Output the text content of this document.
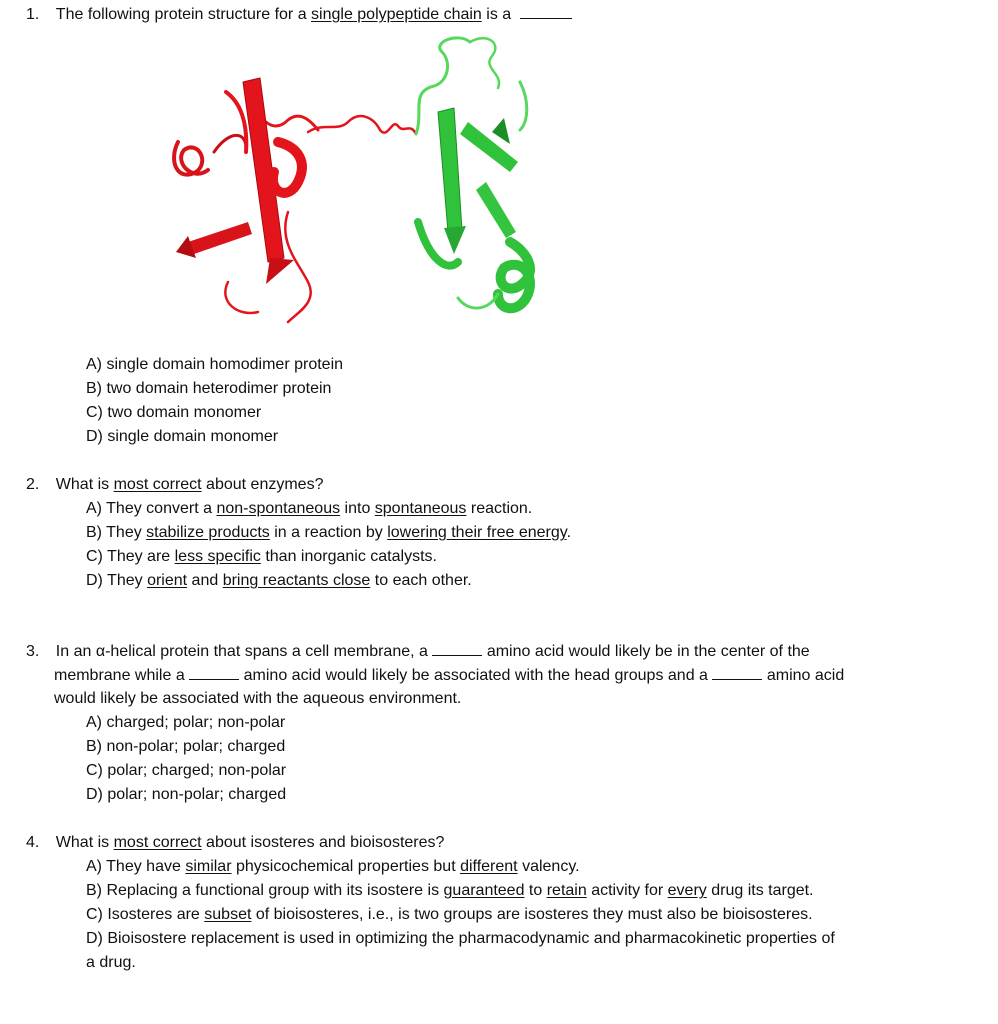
1. The following protein structure for a single polypeptide chain is a
A) single domain homodimer protein
B) two domain heterodimer protein
C) two domain monomer
D) single domain monomer
2. What is most correct about enzymes?
A) They convert a non-spontaneous into spontaneous reaction.
B) They stabilize products in a reaction by lowering their free energy.
C) They are less specific than inorganic catalysts.
D) They orient and bring reactants close to each other.
3. In an α-helical protein that spans a cell membrane, a	amino acid would likely be in the center of the
membrane while a	amino acid would likely be associated with the head groups and a	amino acid
would likely be associated with the aqueous environment.
A) charged; polar; non-polar
B) non-polar; polar; charged
C) polar; charged; non-polar
D) polar; non-polar; charged
4. What is most correct about isosteres and bioisosteres?
A) They have similar physicochemical properties but different valency.
B) Replacing a functional group with its isostere is guaranteed to retain activity for every drug its target.
C) Isosteres are subset of bioisosteres, i.e., is two groups are isosteres they must also be bioisosteres.
D) Bioisostere replacement is used in optimizing the pharmacodynamic and pharmacokinetic properties of
a drug.
